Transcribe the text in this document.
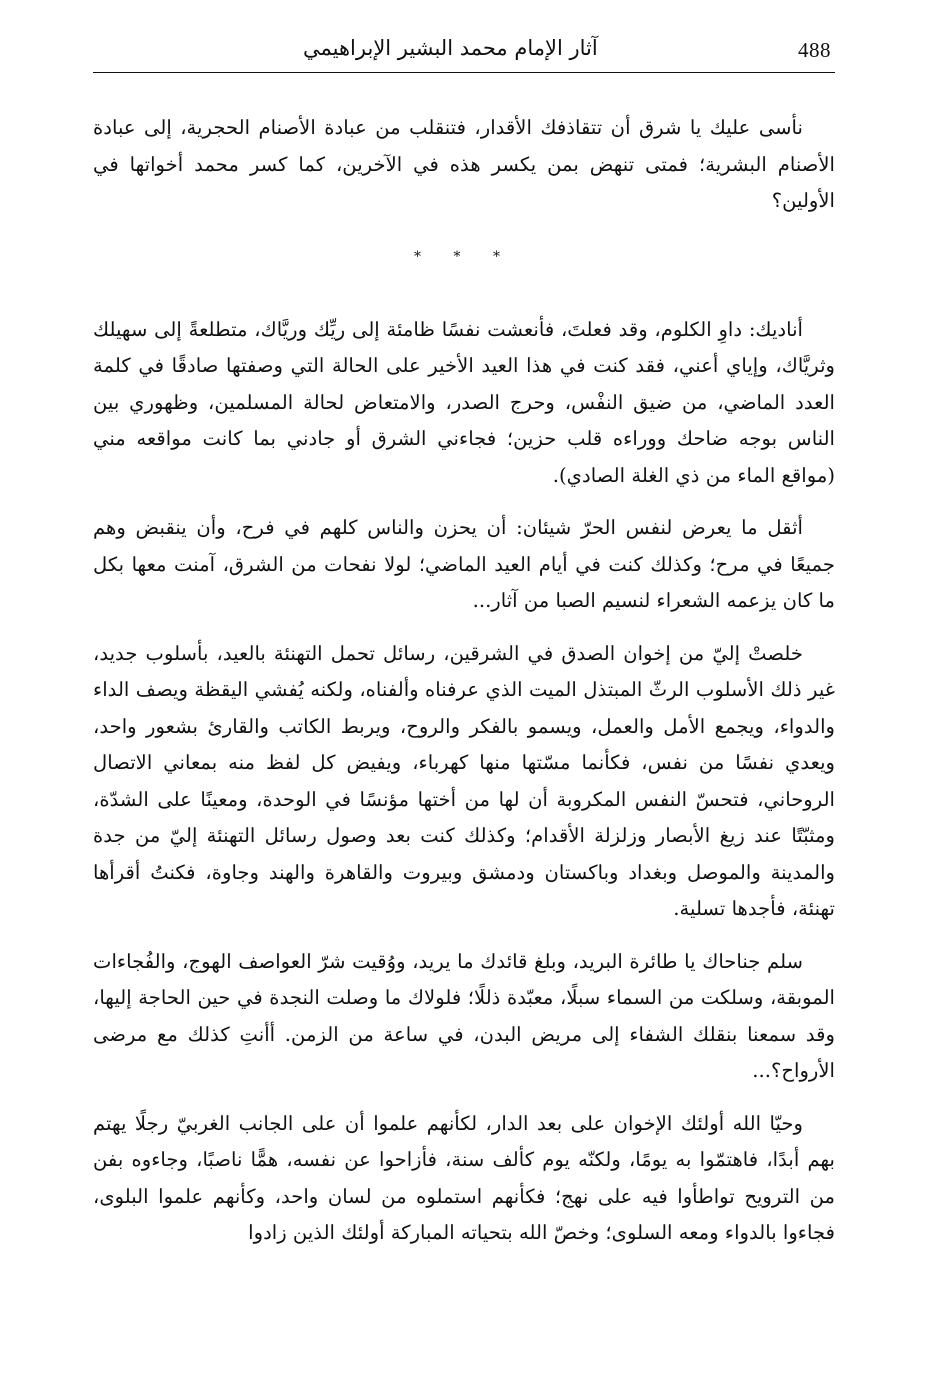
488
آثار الإمام محمد البشير الإبراهيمي

نأسى عليك يا شرق أن تتقاذفك الأقدار، فتنقلب من عبادة الأصنام الحجرية، إلى عبادة الأصنام البشرية؛ فمتى تنهض بمن يكسر هذه في الآخرين، كما كسر محمد أخواتها في الأولين؟

* * *

أناديك: داوِ الكلوم، وقد فعلتَ، فأنعشت نفسًا ظامئة إلى ريِّك وريَّاك، متطلعةً إلى سهيلك وثريَّاك، وإياي أعني، فقد كنت في هذا العيد الأخير على الحالة التي وصفتها صادقًا في كلمة العدد الماضي، من ضيق النفْس، وحرج الصدر، والامتعاض لحالة المسلمين، وظهوري بين الناس بوجه ضاحك ووراءه قلب حزين؛ فجاءني الشرق أو جادني بما كانت مواقعه مني (مواقع الماء من ذي الغلة الصادي).

أثقل ما يعرض لنفس الحرّ شيئان: أن يحزن والناس كلهم في فرح، وأن ينقبض وهم جميعًا في مرح؛ وكذلك كنت في أيام العيد الماضي؛ لولا نفحات من الشرق، آمنت معها بكل ما كان يزعمه الشعراء لنسيم الصبا من آثار...

خلصتْ إليّ من إخوان الصدق في الشرقين، رسائل تحمل التهنئة بالعيد، بأسلوب جديد، غير ذلك الأسلوب الرثّ المبتذل الميت الذي عرفناه وألفناه، ولكنه يُفشي اليقظة ويصف الداء والدواء، ويجمع الأمل والعمل، ويسمو بالفكر والروح، ويربط الكاتب والقارئ بشعور واحد، ويعدي نفسًا من نفس، فكأنما مسّتها منها كهرباء، ويفيض كل لفظ منه بمعاني الاتصال الروحاني، فتحسّ النفس المكروبة أن لها من أختها مؤنسًا في الوحدة، ومعينًا على الشدّة، ومثبّتًا عند زيغ الأبصار وزلزلة الأقدام؛ وكذلك كنت بعد وصول رسائل التهنئة إليّ من جدة والمدينة والموصل وبغداد وباكستان ودمشق وبيروت والقاهرة والهند وجاوة، فكنتُ أقرأها تهنئة، فأجدها تسلية.

سلم جناحاك يا طائرة البريد، وبلغ قائدك ما يريد، ووُقيت شرّ العواصف الهوج، والفُجاءات الموبقة، وسلكت من السماء سبلًا، معبّدة ذللًا؛ فلولاك ما وصلت النجدة في حين الحاجة إليها، وقد سمعنا بنقلك الشفاء إلى مريض البدن، في ساعة من الزمن. أأنتِ كذلك مع مرضى الأرواح؟...

وحيّا الله أولئك الإخوان على بعد الدار، لكأنهم علموا أن على الجانب الغربيّ رجلًا يهتم بهم أبدًا، فاهتمّوا به يومًا، ولكنّه يوم كألف سنة، فأزاحوا عن نفسه، همًّا ناصبًا، وجاءوه بفن من الترويح تواطأوا فيه على نهج؛ فكأنهم استملوه من لسان واحد، وكأنهم علموا البلوى، فجاءوا بالدواء ومعه السلوى؛ وخصّ الله بتحياته المباركة أولئك الذين زادوا
